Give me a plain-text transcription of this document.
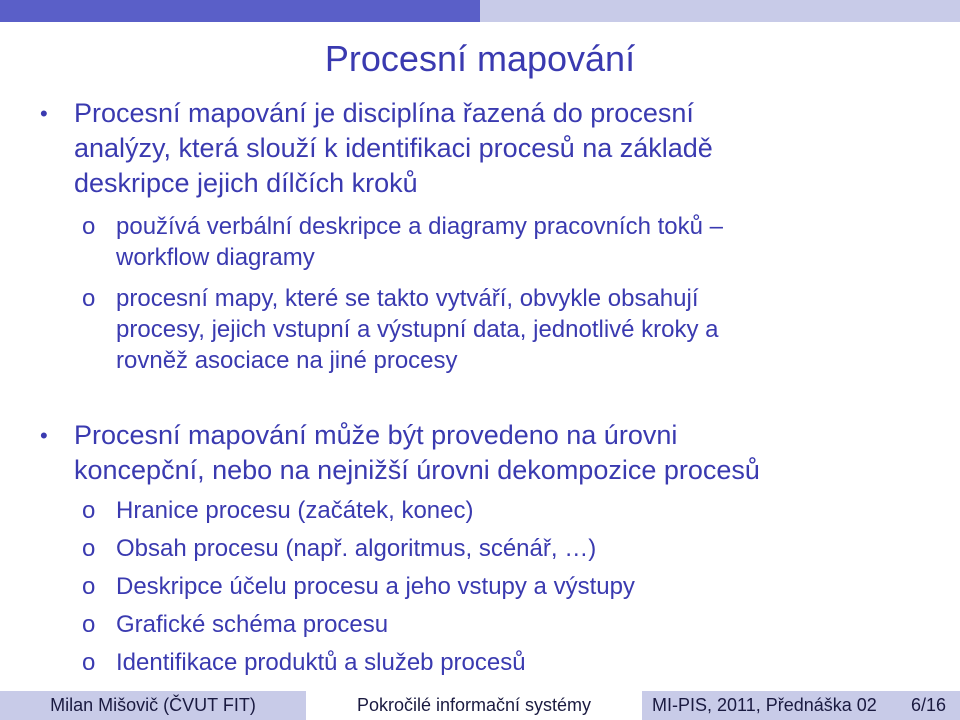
Procesní mapování
• Procesní mapování je disciplína řazená do procesní
analýzy, která slouží k identifikaci procesů na základě
deskripce jejich dílčích kroků
o používá verbální deskripce a diagramy pracovních toků –
workflow diagramy
o procesní mapy, které se takto vytváří, obvykle obsahují
procesy, jejich vstupní a výstupní data, jednotlivé kroky a
rovněž asociace na jiné procesy
• Procesní mapování může být provedeno na úrovni
koncepční, nebo na nejnižší úrovni dekompozice procesů
o Hranice procesu (začátek, konec)
o Obsah procesu (např. algoritmus, scénář, …)
o Deskripce účelu procesu a jeho vstupy a výstupy
o Grafické schéma procesu
o Identifikace produktů a služeb procesů
Milan Mišovič (ČVUT FIT)	Pokročilé informační systémy	MI-PIS, 2011, Přednáška 02 6/16
